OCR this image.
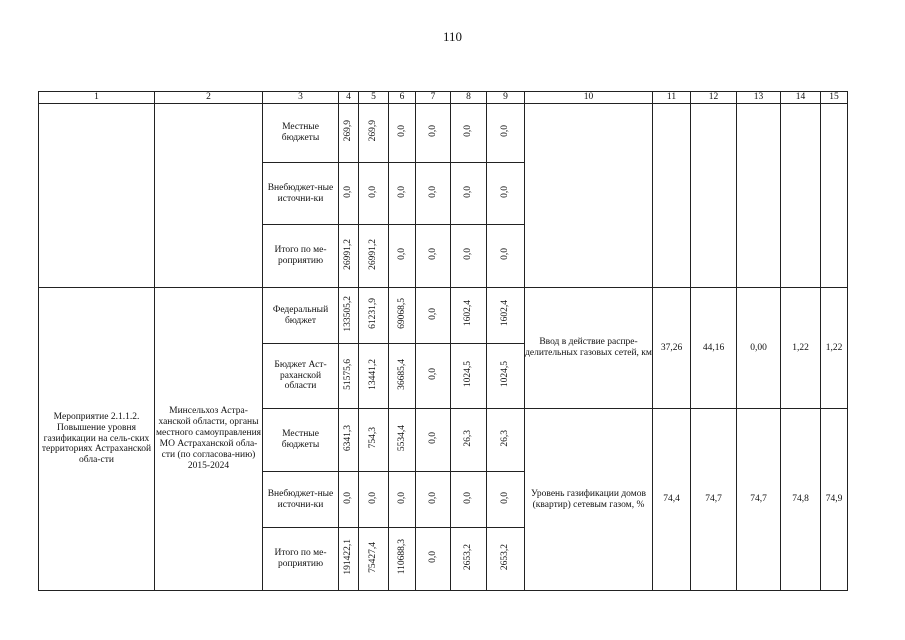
110
1	2	3	4	5	6	7	8	9	10	11	12	13	14	15
		Местные бюджеты	269,9	269,9	0,0	0,0	0,0	0,0						
		Внебюджет-ные источни-ки	0,0	0,0	0,0	0,0	0,0	0,0						
		Итого по ме-роприятию	26991,2	26991,2	0,0	0,0	0,0	0,0						
Мероприятие 2.1.1.2. Повышение уровня газификации на сель-ских территориях Астраханской обла-сти	Минсельхоз Астра-ханской области, органы местного самоуправления МО Астраханской обла-сти (по согласова-нию) 2015-2024	Федеральный бюджет	133505,2	61231,9	69068,5	0,0	1602,4	1602,4	Ввод в действие распре-делительных газовых сетей, км	37,26	44,16	0,00	1,22	1,22
		Бюджет Аст-раханской области	51575,6	13441,2	36685,4	0,0	1024,5	1024,5						
		Местные бюджеты	6341,3	754,3	5534,4	0,0	26,3	26,3	Уровень газификации домов (квартир) сетевым газом, %	74,4	74,7	74,7	74,8	74,9
		Внебюджет-ные источни-ки	0,0	0,0	0,0	0,0	0,0	0,0						
		Итого по ме-роприятию	191422,1	75427,4	110688,3	0,0	2653,2	2653,2						
